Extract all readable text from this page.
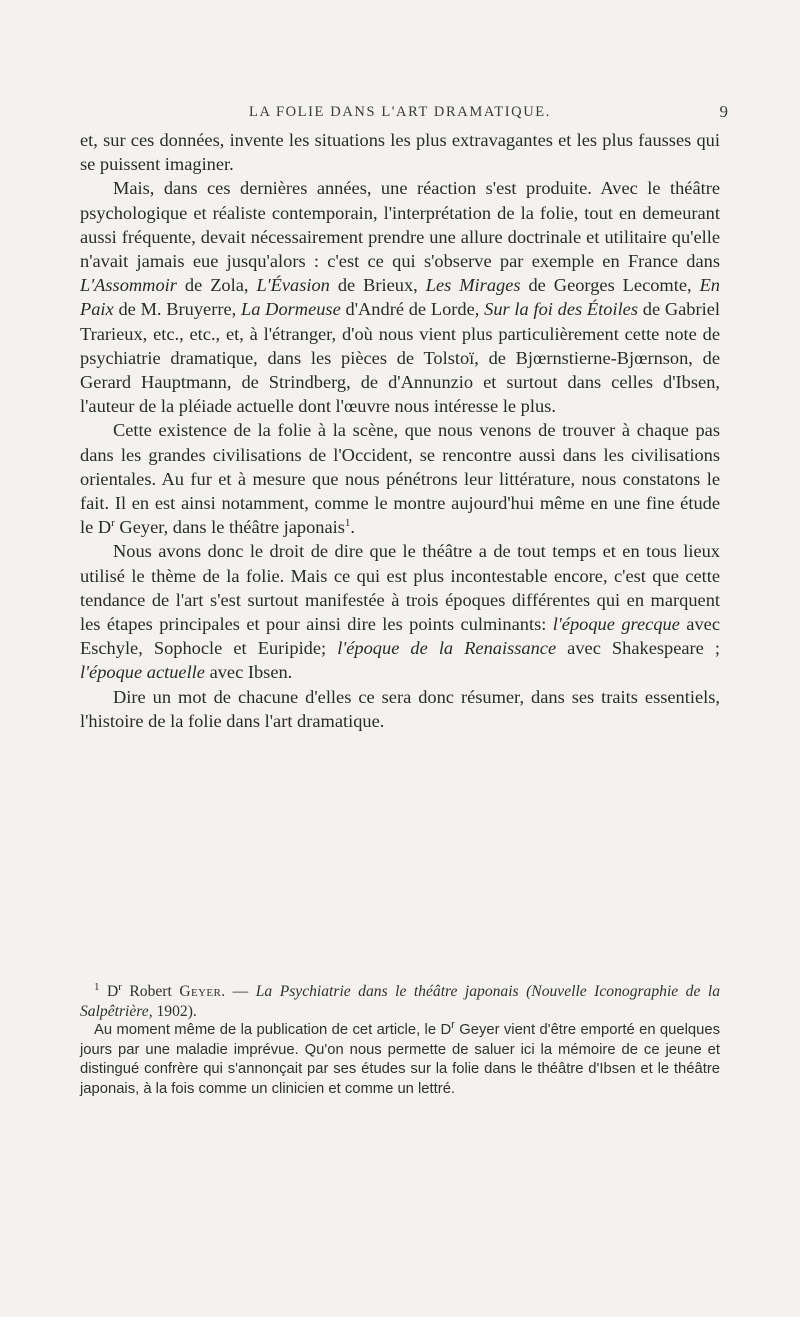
LA FOLIE DANS L'ART DRAMATIQUE.	9

et, sur ces données, invente les situations les plus extravagantes et les plus fausses qui se puissent imaginer.

Mais, dans ces dernières années, une réaction s'est produite. Avec le théâtre psychologique et réaliste contemporain, l'interprétation de la folie, tout en demeurant aussi fréquente, devait nécessairement prendre une allure doctrinale et utilitaire qu'elle n'avait jamais eue jusqu'alors : c'est ce qui s'observe par exemple en France dans L'Assommoir de Zola, L'Évasion de Brieux, Les Mirages de Georges Lecomte, En Paix de M. Bruyerre, La Dormeuse d'André de Lorde, Sur la foi des Étoiles de Gabriel Trarieux, etc., etc., et, à l'étranger, d'où nous vient plus particulièrement cette note de psychiatrie dramatique, dans les pièces de Tolstoï, de Bjœrnstierne-Bjœrnson, de Gerard Hauptmann, de Strindberg, de d'Annunzio et surtout dans celles d'Ibsen, l'auteur de la pléiade actuelle dont l'œuvre nous intéresse le plus.

Cette existence de la folie à la scène, que nous venons de trouver à chaque pas dans les grandes civilisations de l'Occident, se rencontre aussi dans les civilisations orientales. Au fur et à mesure que nous pénétrons leur littérature, nous constatons le fait. Il en est ainsi notamment, comme le montre aujourd'hui même en une fine étude le $D^r$ Geyer, dans le théâtre japonais$^1$.

Nous avons donc le droit de dire que le théâtre a de tout temps et en tous lieux utilisé le thème de la folie. Mais ce qui est plus incontestable encore, c'est que cette tendance de l'art s'est surtout manifestée à trois époques différentes qui en marquent les étapes principales et pour ainsi dire les points culminants: l'époque grecque avec Eschyle, Sophocle et Euripide; l'époque de la Renaissance avec Shakespeare ; l'époque actuelle avec Ibsen.

Dire un mot de chacune d'elles ce sera donc résumer, dans ses traits essentiels, l'histoire de la folie dans l'art dramatique.

$^1$ $D^r$ Robert Geyer. — La Psychiatrie dans le théâtre japonais (Nouvelle Iconographie de la Salpêtrière, 1902).

Au moment même de la publication de cet article, le $D^r$ Geyer vient d'être emporté en quelques jours par une maladie imprévue. Qu'on nous permette de saluer ici la mémoire de ce jeune et distingué confrère qui s'annonçait par ses études sur la folie dans le théâtre d'Ibsen et le théâtre japonais, à la fois comme un clinicien et comme un lettré.
